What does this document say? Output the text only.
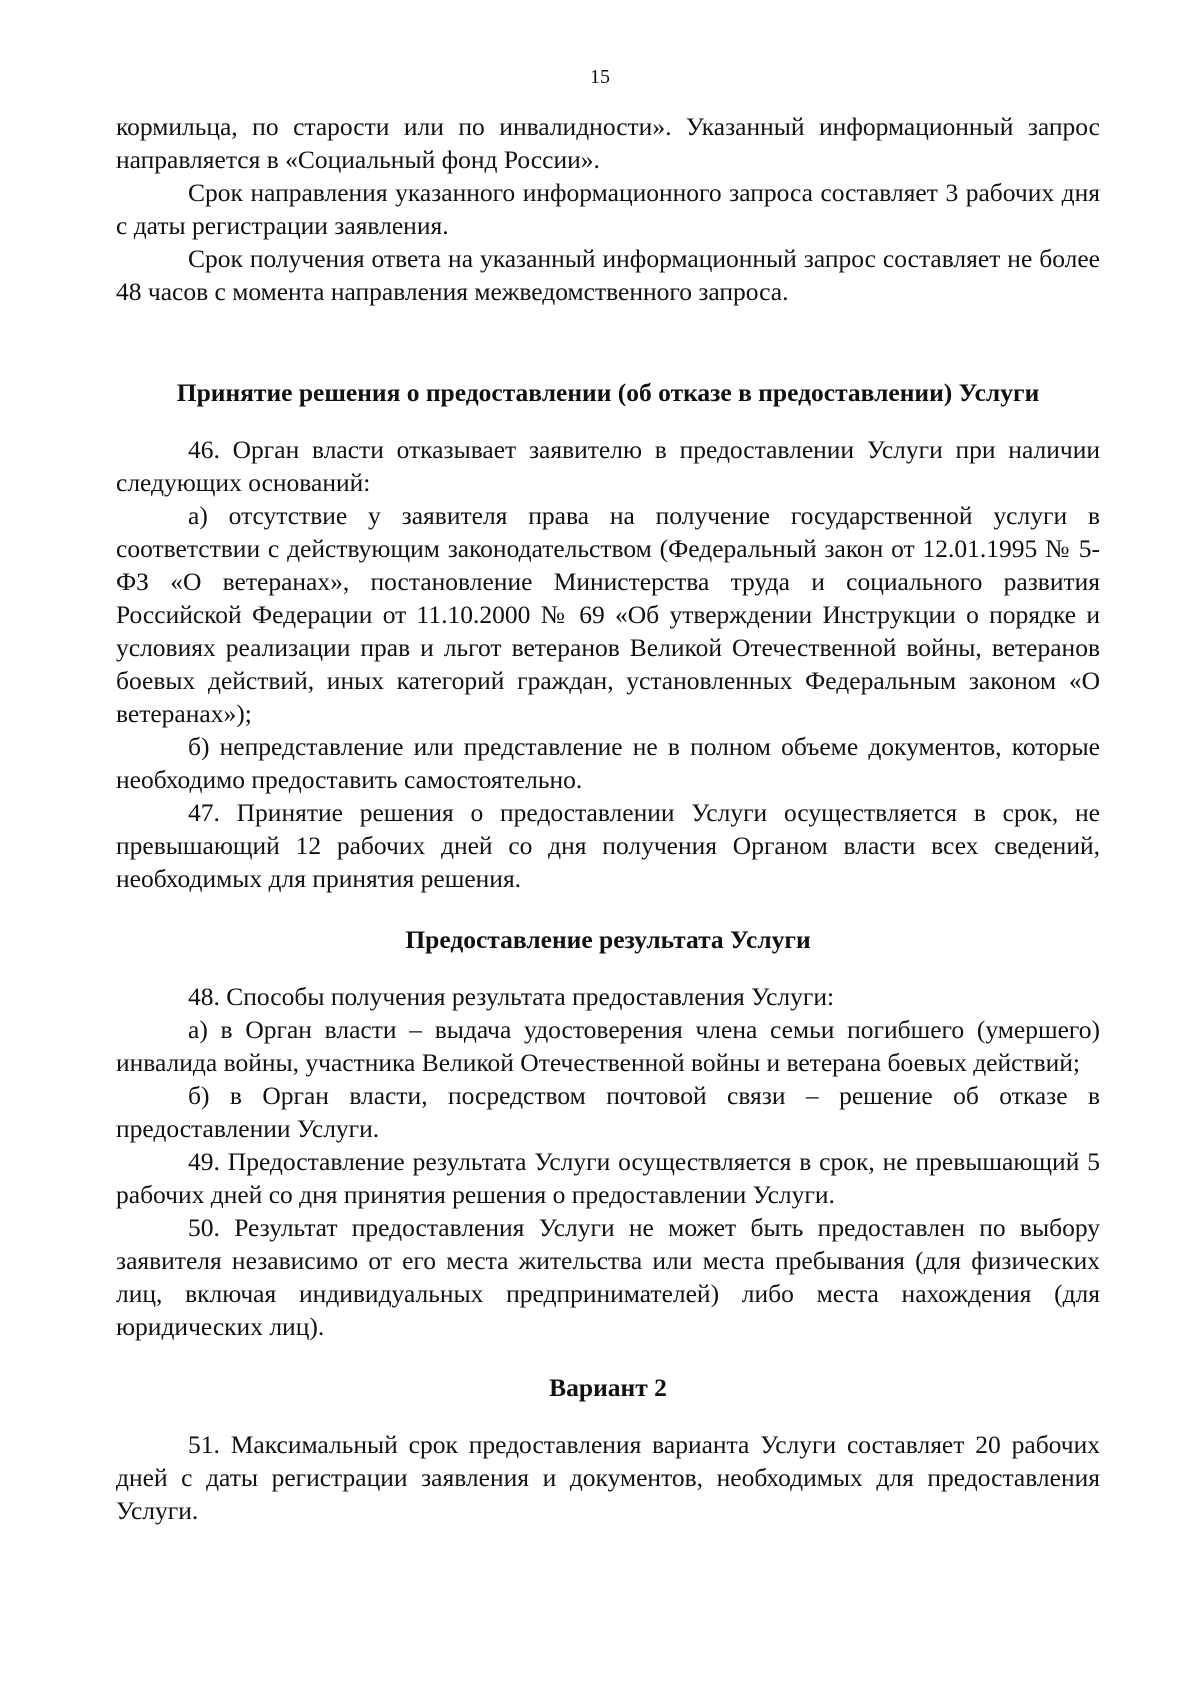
15

кормильца, по старости или по инвалидности». Указанный информационный запрос направляется в «Социальный фонд России».

Срок направления указанного информационного запроса составляет 3 рабочих дня с даты регистрации заявления.

Срок получения ответа на указанный информационный запрос составляет не более 48 часов с момента направления межведомственного запроса.

Принятие решения о предоставлении (об отказе в предоставлении) Услуги

46. Орган власти отказывает заявителю в предоставлении Услуги при наличии следующих оснований:

а) отсутствие у заявителя права на получение государственной услуги в соответствии с действующим законодательством (Федеральный закон от 12.01.1995 № 5-ФЗ «О ветеранах», постановление Министерства труда и социального развития Российской Федерации от 11.10.2000 № 69 «Об утверждении Инструкции о порядке и условиях реализации прав и льгот ветеранов Великой Отечественной войны, ветеранов боевых действий, иных категорий граждан, установленных Федеральным законом «О ветеранах»);

б) непредставление или представление не в полном объеме документов, которые необходимо предоставить самостоятельно.

47. Принятие решения о предоставлении Услуги осуществляется в срок, не превышающий 12 рабочих дней со дня получения Органом власти всех сведений, необходимых для принятия решения.

Предоставление результата Услуги

48. Способы получения результата предоставления Услуги:

а) в Орган власти – выдача удостоверения члена семьи погибшего (умершего) инвалида войны, участника Великой Отечественной войны и ветерана боевых действий;

б) в Орган власти, посредством почтовой связи – решение об отказе в предоставлении Услуги.

49. Предоставление результата Услуги осуществляется в срок, не превышающий 5 рабочих дней со дня принятия решения о предоставлении Услуги.

50. Результат предоставления Услуги не может быть предоставлен по выбору заявителя независимо от его места жительства или места пребывания (для физических лиц, включая индивидуальных предпринимателей) либо места нахождения (для юридических лиц).

Вариант 2

51. Максимальный срок предоставления варианта Услуги составляет 20 рабочих дней с даты регистрации заявления и документов, необходимых для предоставления Услуги.
